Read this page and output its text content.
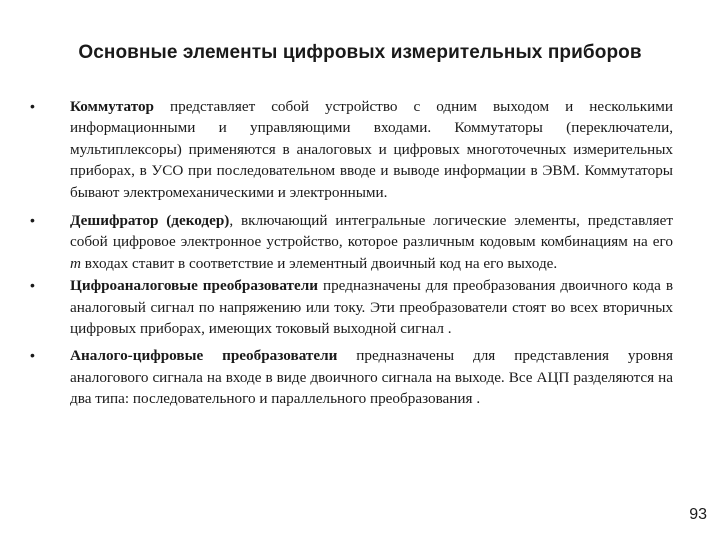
Основные элементы цифровых измерительных приборов
•	Коммутатор представляет собой устройство с одним выходом и несколькими информационными и управляющими входами. Коммутаторы (переключатели, мультиплексоры) применяются в аналоговых и цифровых многоточечных измерительных приборах, в УСО при последовательном вводе и выводе информации в ЭВМ. Коммутаторы бывают электромеханическими и электронными.
•	Дешифратор (декодер), включающий интегральные логические элементы, представляет собой цифровое электронное устройство, которое различным кодовым комбинациям на его m входах ставит в соответствие и элементный двоичный код на его выходе.
•	Цифроаналоговые преобразователи предназначены для преобразования двоичного кода в аналоговый сигнал по напряжению или току. Эти преобразователи стоят во всех вторичных цифровых приборах, имеющих токовый выходной сигнал .
•	Аналого-цифровые преобразователи предназначены для представления уровня аналогового сигнала на входе в виде двоичного сигнала на выходе. Все АЦП разделяются на два типа: последовательного и параллельного преобразования .
93
